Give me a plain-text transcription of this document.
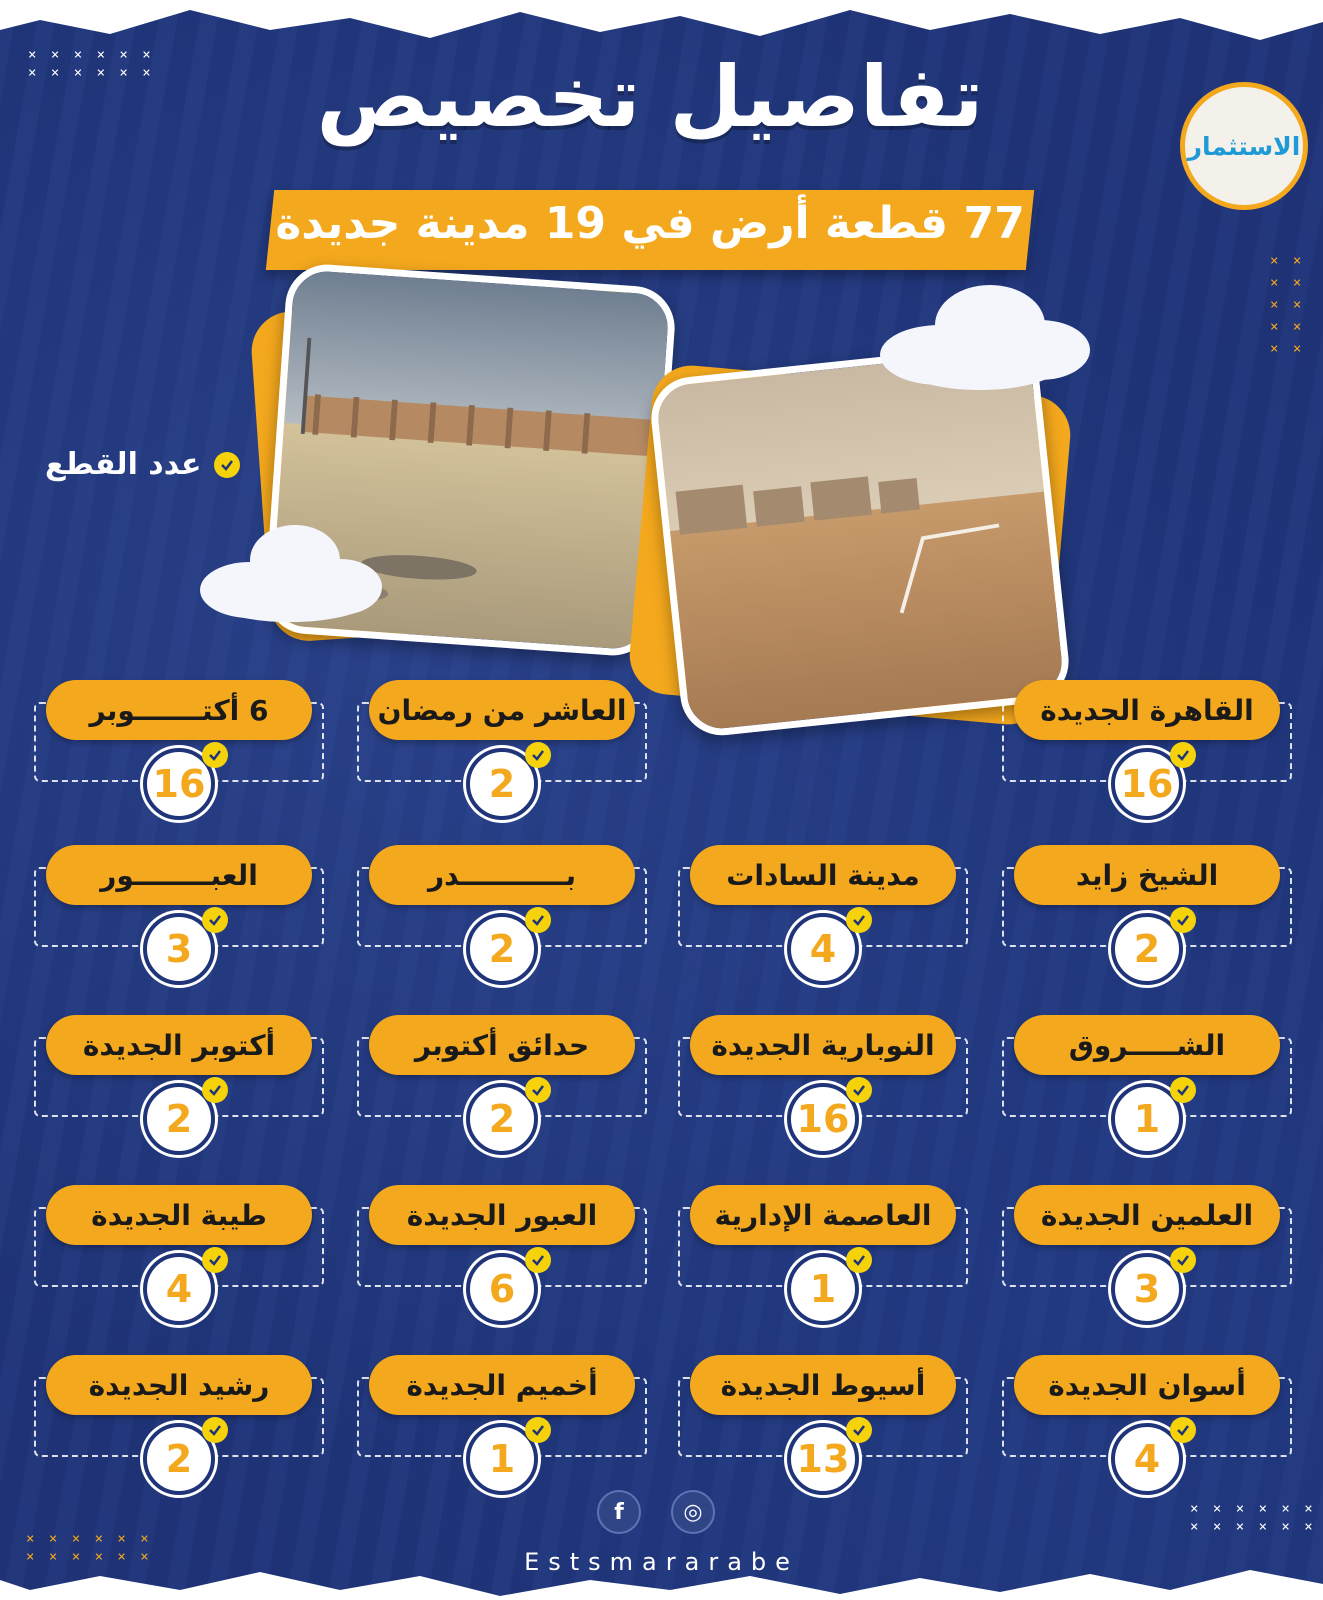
× × × × × ×
× × × × × ×
× ×
× ×
× ×
× ×
× ×
× × × × × ×
× × × × × ×
× × × × × ×
× × × × × ×
تفاصيل تخصيص
77 قطعة أرض في 19 مدينة جديدة
الاستثمار
عدد القطع
القاهرة الجديدة
16
العاشر من رمضان
2
6 أكتـــــــوبر
16
الشيخ زايد
2
مدينة السادات
4
بـــــــــــدر
2
العبــــــــور
3
الشـــــروق
1
النوبارية الجديدة
16
حدائق أكتوبر
2
أكتوبر الجديدة
2
العلمين الجديدة
3
العاصمة الإدارية
1
العبور الجديدة
6
طيبة الجديدة
4
أسوان الجديدة
4
أسيوط الجديدة
13
أخميم الجديدة
1
رشيد الجديدة
2
f	◎
Estsmararabe
